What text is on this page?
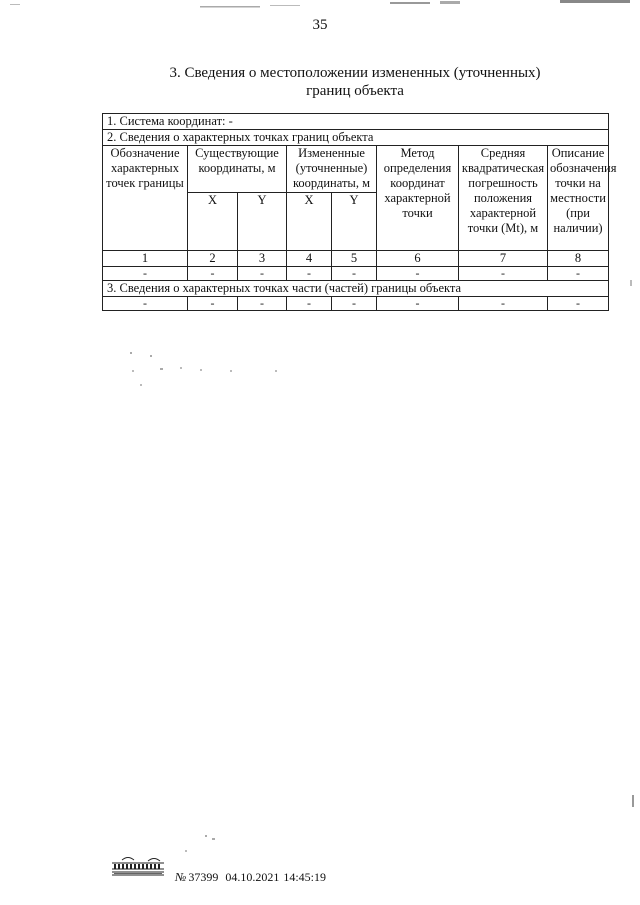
35
3. Сведения о местоположении измененных (уточненных)
границ объекта
1. Система координат: -							
2. Сведения о характерных точках границ объекта							
Обозначение характерных точек границы	Существующие координаты, м		Измененные (уточненные) координаты, м		Метод определения координат характерной точки	Средняя квадратическая погрешность положения характерной точки (Mt), м	Описание обозначения точки на местности (при наличии)
	X	Y	X	Y			
1	2	3	4	5	6	7	8
-	-	-	-	-	-	-	-
3. Сведения о характерных точках части (частей) границы объекта							
-	-	-	-	-	-	-	-
№ 37399 04.10.2021 14:45:19
